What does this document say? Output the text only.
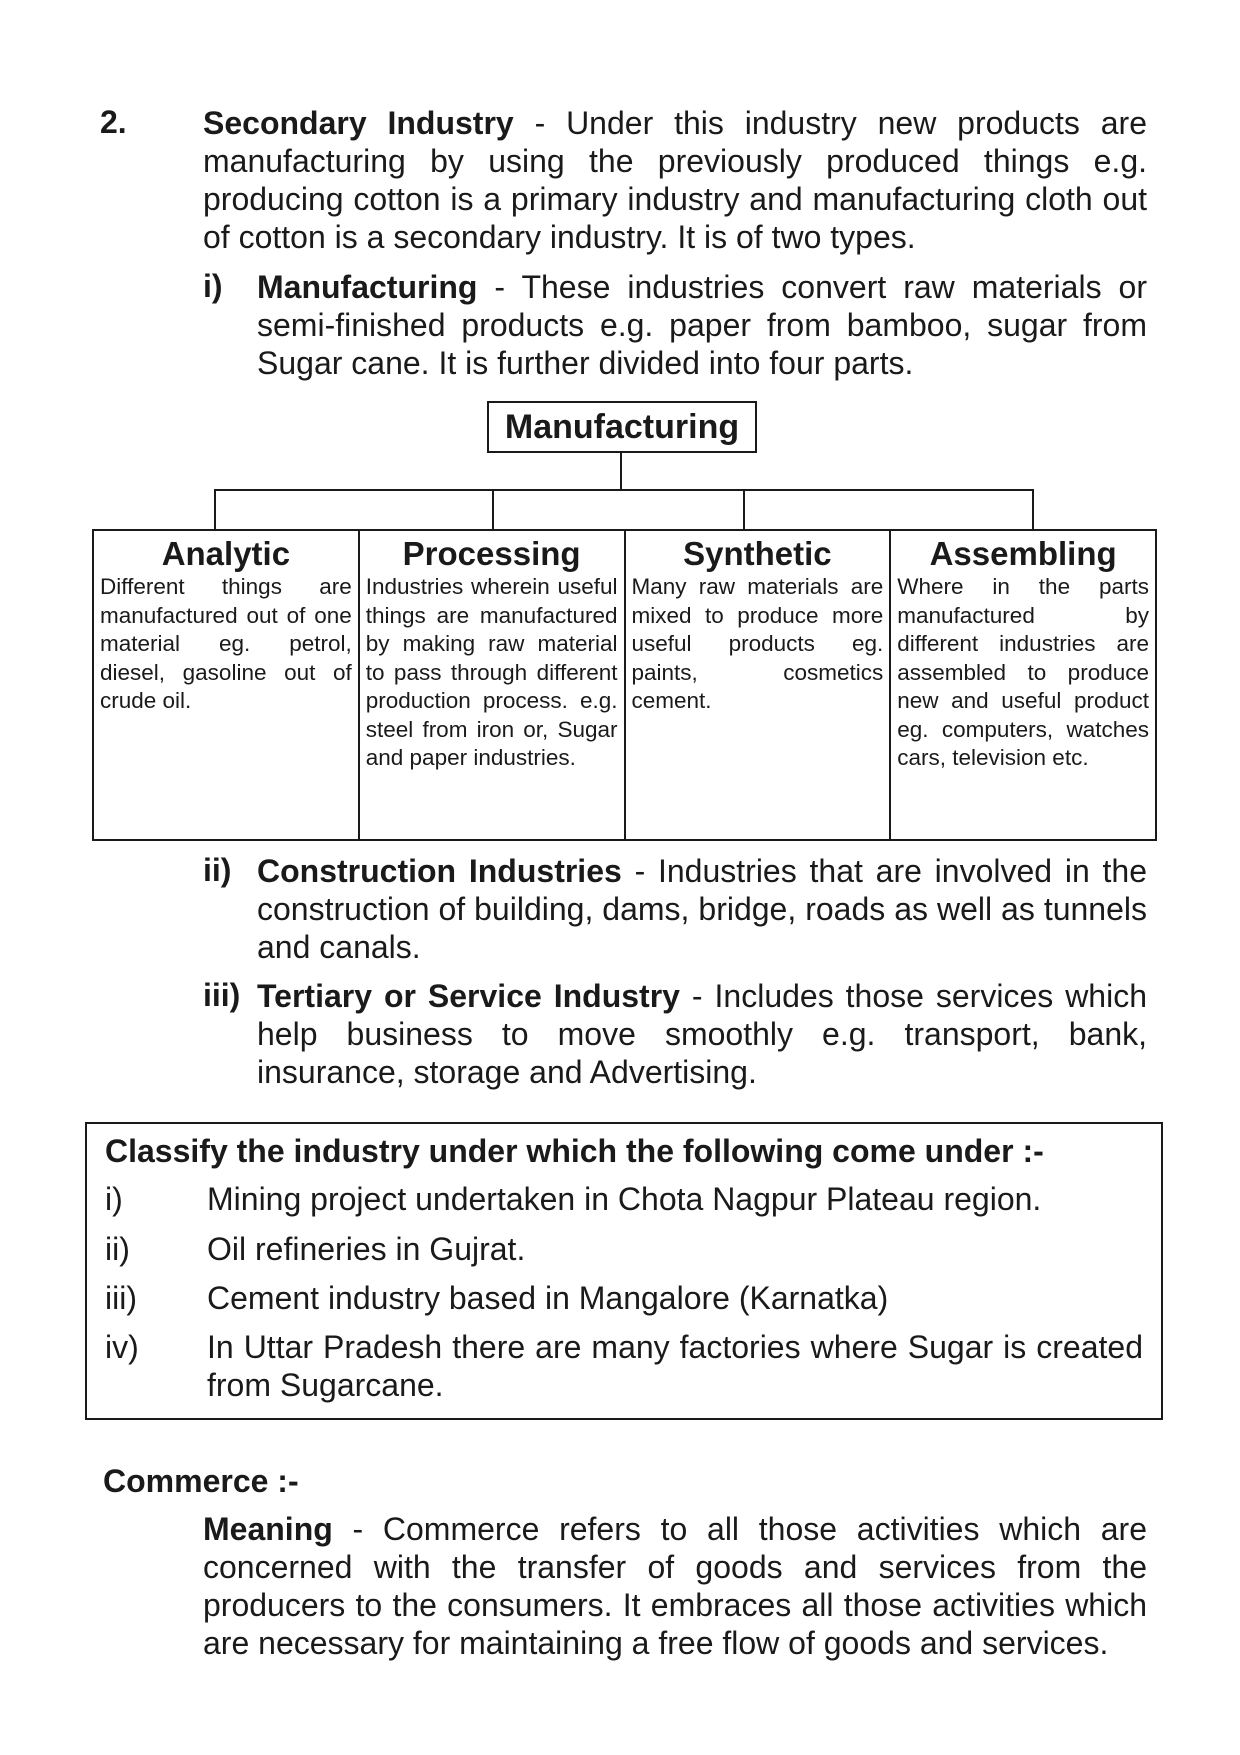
2. Secondary Industry - Under this industry new products are manufacturing by using the previously produced things e.g. producing cotton is a primary industry and manufacturing cloth out of cotton is a secondary industry. It is of two types.
i) Manufacturing - These industries convert raw materials or semi-finished products e.g. paper from bamboo, sugar from Sugar cane. It is further divided into four parts.
Manufacturing
Analytic

Different things are manufactured out of one material eg. petrol, diesel, gasoline out of crude oil.

Processing

Industries wherein useful things are manufactured by making raw material to pass through different production process. e.g. steel from iron or, Sugar and paper industries.

Synthetic

Many raw materials are mixed to produce more useful products eg. paints, cosmetics cement.

Assembling

Where in the parts manufactured by different industries are assembled to produce new and useful product eg. computers, watches cars, television etc.

ii) Construction Industries - Industries that are involved in the construction of building, dams, bridge, roads as well as tunnels and canals.
iii) Tertiary or Service Industry - Includes those services which help business to move smoothly e.g. transport, bank, insurance, storage and Advertising.
Classify the industry under which the following come under :-
i)	Mining project undertaken in Chota Nagpur Plateau region.
ii) Oil refineries in Gujrat.
iii) Cement industry based in Mangalore (Karnatka)
iv) In Uttar Pradesh there are many factories where Sugar is created from Sugarcane.
Commerce :-
Meaning - Commerce refers to all those activities which are concerned with the transfer of goods and services from the producers to the consumers. It embraces all those activities which are necessary for maintaining a free flow of goods and services.
